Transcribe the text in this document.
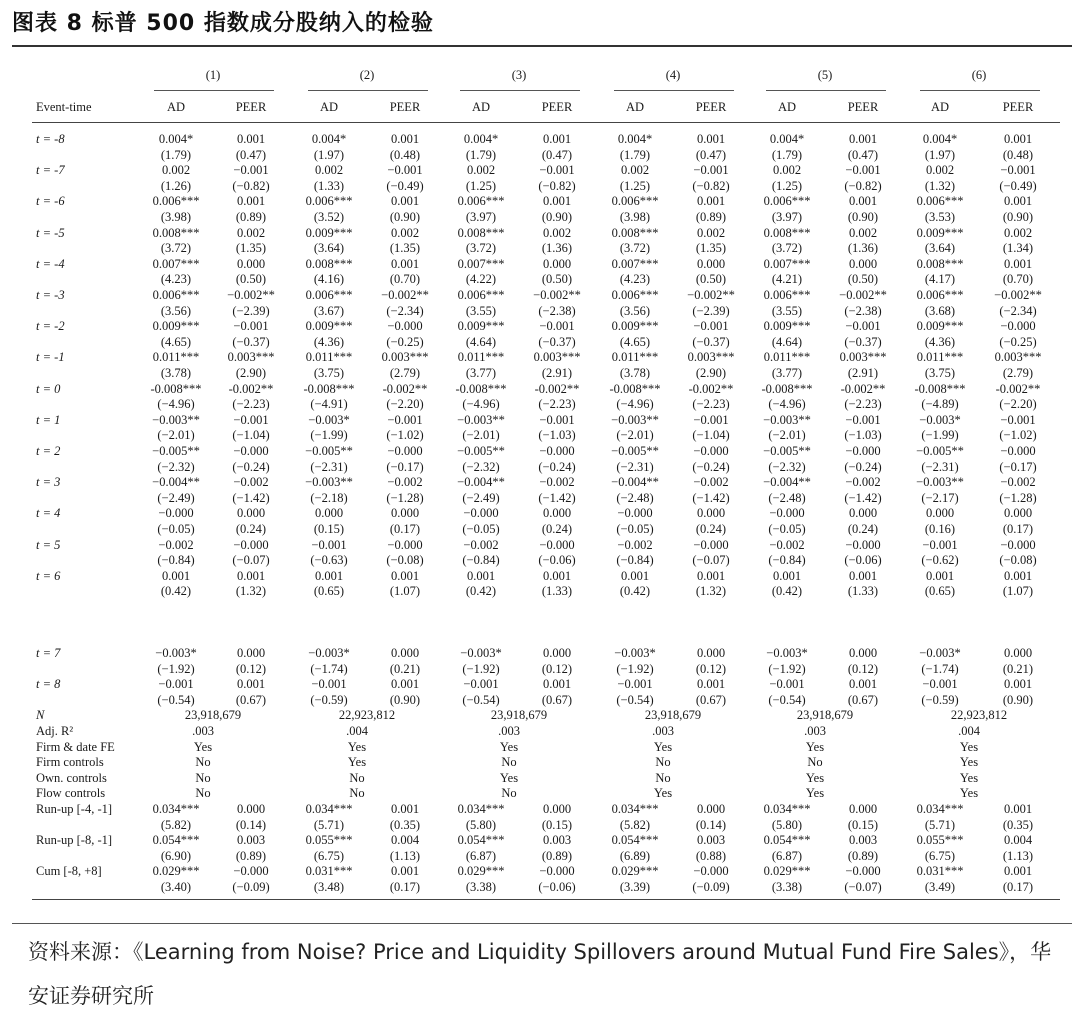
图表 8 标普 500 指数成分股纳入的检验
(1)	(2)	(3)	(4)	(5)	(6)
Event-time	AD	PEER	AD	PEER	AD	PEER	AD	PEER	AD	PEER	AD	PEER
t = -8	0.004*	0.001	0.004*	0.001	0.004*	0.001	0.004*	0.001	0.004*	0.001	0.004*	0.001
(1.79)	(0.47)	(1.97)	(0.48)	(1.79)	(0.47)	(1.79)	(0.47)	(1.79)	(0.47)	(1.97)	(0.48)
t = -7	0.002	−0.001	0.002	−0.001	0.002	−0.001	0.002	−0.001	0.002	−0.001	0.002	−0.001
(1.26)	(−0.82)	(1.33)	(−0.49)	(1.25)	(−0.82)	(1.25)	(−0.82)	(1.25)	(−0.82)	(1.32)	(−0.49)
t = -6	0.006***	0.001	0.006***	0.001	0.006***	0.001	0.006***	0.001	0.006***	0.001	0.006***	0.001
(3.98)	(0.89)	(3.52)	(0.90)	(3.97)	(0.90)	(3.98)	(0.89)	(3.97)	(0.90)	(3.53)	(0.90)
t = -5	0.008***	0.002	0.009***	0.002	0.008***	0.002	0.008***	0.002	0.008***	0.002	0.009***	0.002
(3.72)	(1.35)	(3.64)	(1.35)	(3.72)	(1.36)	(3.72)	(1.35)	(3.72)	(1.36)	(3.64)	(1.34)
t = -4	0.007***	0.000	0.008***	0.001	0.007***	0.000	0.007***	0.000	0.007***	0.000	0.008***	0.001
(4.23)	(0.50)	(4.16)	(0.70)	(4.22)	(0.50)	(4.23)	(0.50)	(4.21)	(0.50)	(4.17)	(0.70)
t = -3	0.006*** −0.002** 0.006*** −0.002** 0.006*** −0.002** 0.006*** −0.002** 0.006*** −0.002** 0.006*** −0.002**
(3.56)	(−2.39)	(3.67)	(−2.34)	(3.55)	(−2.38)	(3.56)	(−2.39)	(3.55)	(−2.38)	(3.68)	(−2.34)
t = -2	0.009***	−0.001	0.009***	−0.000	0.009***	−0.001	0.009***	−0.001	0.009***	−0.001	0.009***	−0.000
(4.65)	(−0.37)	(4.36)	(−0.25)	(4.64)	(−0.37)	(4.65)	(−0.37)	(4.64)	(−0.37)	(4.36)	(−0.25)
t = -1	0.011*** 0.003***	0.011*** 0.003*** 0.011*** 0.003***	0.011*** 0.003*** 0.011*** 0.003*** 0.011***	0.003***
(3.78)	(2.90)	(3.75)	(2.79)	(3.77)	(2.91)	(3.78)	(2.90)	(3.77)	(2.91)	(3.75)	(2.79)
t = 0	-0.008*** -0.002** -0.008*** -0.002** -0.008*** -0.002** -0.008*** -0.002** -0.008*** -0.002** -0.008*** -0.002**
(−4.96)	(−2.23)	(−4.91)	(−2.20)	(−4.96)	(−2.23)	(−4.96)	(−2.23)	(−4.96)	(−2.23)	(−4.89)	(−2.20)
t = 1	−0.003**	−0.001	−0.003*	−0.001	−0.003**	−0.001	−0.003**	−0.001	−0.003**	−0.001	−0.003*	−0.001
(−2.01)	(−1.04)	(−1.99)	(−1.02)	(−2.01)	(−1.03)	(−2.01)	(−1.04)	(−2.01)	(−1.03)	(−1.99)	(−1.02)
t = 2	−0.005**	−0.000	−0.005**	−0.000	−0.005**	−0.000	−0.005**	−0.000	−0.005**	−0.000	−0.005**	−0.000
(−2.32)	(−0.24)	(−2.31)	(−0.17)	(−2.32)	(−0.24)	(−2.31)	(−0.24)	(−2.32)	(−0.24)	(−2.31)	(−0.17)
t = 3	−0.004**	−0.002	−0.003**	−0.002	−0.004**	−0.002	−0.004**	−0.002	−0.004**	−0.002	−0.003**	−0.002
(−2.49)	(−1.42)	(−2.18)	(−1.28)	(−2.49)	(−1.42)	(−2.48)	(−1.42)	(−2.48)	(−1.42)	(−2.17)	(−1.28)
t = 4	−0.000	0.000	0.000	0.000	−0.000	0.000	−0.000	0.000	−0.000	0.000	0.000	0.000
(−0.05)	(0.24)	(0.15)	(0.17)	(−0.05)	(0.24)	(−0.05)	(0.24)	(−0.05)	(0.24)	(0.16)	(0.17)
t = 5	−0.002	−0.000	−0.001	−0.000	−0.002	−0.000	−0.002	−0.000	−0.002	−0.000	−0.001	−0.000
(−0.84)	(−0.07)	(−0.63)	(−0.08)	(−0.84)	(−0.06)	(−0.84)	(−0.07)	(−0.84)	(−0.06)	(−0.62)	(−0.08)
t = 6	0.001	0.001	0.001	0.001	0.001	0.001	0.001	0.001	0.001	0.001	0.001	0.001
(0.42)	(1.32)	(0.65)	(1.07)	(0.42)	(1.33)	(0.42)	(1.32)	(0.42)	(1.33)	(0.65)	(1.07)
t = 7	−0.003*	0.000	−0.003*	0.000	−0.003*	0.000	−0.003*	0.000	−0.003*	0.000	−0.003*	0.000
(−1.92)	(0.12)	(−1.74)	(0.21)	(−1.92)	(0.12)	(−1.92)	(0.12)	(−1.92)	(0.12)	(−1.74)	(0.21)
t = 8	−0.001	0.001	−0.001	0.001	−0.001	0.001	−0.001	0.001	−0.001	0.001	−0.001	0.001
(−0.54)	(0.67)	(−0.59)	(0.90)	(−0.54)	(0.67)	(−0.54)	(0.67)	(−0.54)	(0.67)	(−0.59)	(0.90)
N	23,918,679	22,923,812	23,918,679	23,918,679	23,918,679	22,923,812
Adj. R²	.003	.004	.003	.003	.003	.004
Firm & date FE	Yes	Yes	Yes	Yes	Yes	Yes
Firm controls	No	Yes	No	No	No	Yes
Own. controls	No	No	Yes	No	Yes	Yes
Flow controls	No	No	No	Yes	Yes	Yes
Run-up [-4, -1]	0.034***	0.000	0.034***	0.001	0.034***	0.000	0.034***	0.000	0.034***	0.000	0.034***	0.001
(5.82)	(0.14)	(5.71)	(0.35)	(5.80)	(0.15)	(5.82)	(0.14)	(5.80)	(0.15)	(5.71)	(0.35)
Run-up [-8, -1]	0.054***	0.003	0.055***	0.004	0.054***	0.003	0.054***	0.003	0.054***	0.003	0.055***	0.004
(6.90)	(0.89)	(6.75)	(1.13)	(6.87)	(0.89)	(6.89)	(0.88)	(6.87)	(0.89)	(6.75)	(1.13)
Cum [-8, +8]	0.029***	−0.000	0.031***	0.001	0.029***	−0.000	0.029***	−0.000	0.029***	−0.000	0.031***	0.001
(3.40)	(−0.09)	(3.48)	(0.17)	(3.38)	(−0.06)	(3.39)	(−0.09)	(3.38)	(−0.07)	(3.49)	(0.17)
资料来源：《Learning from Noise? Price and Liquidity Spillovers around Mutual Fund Fire Sales》，华安证券研究所
